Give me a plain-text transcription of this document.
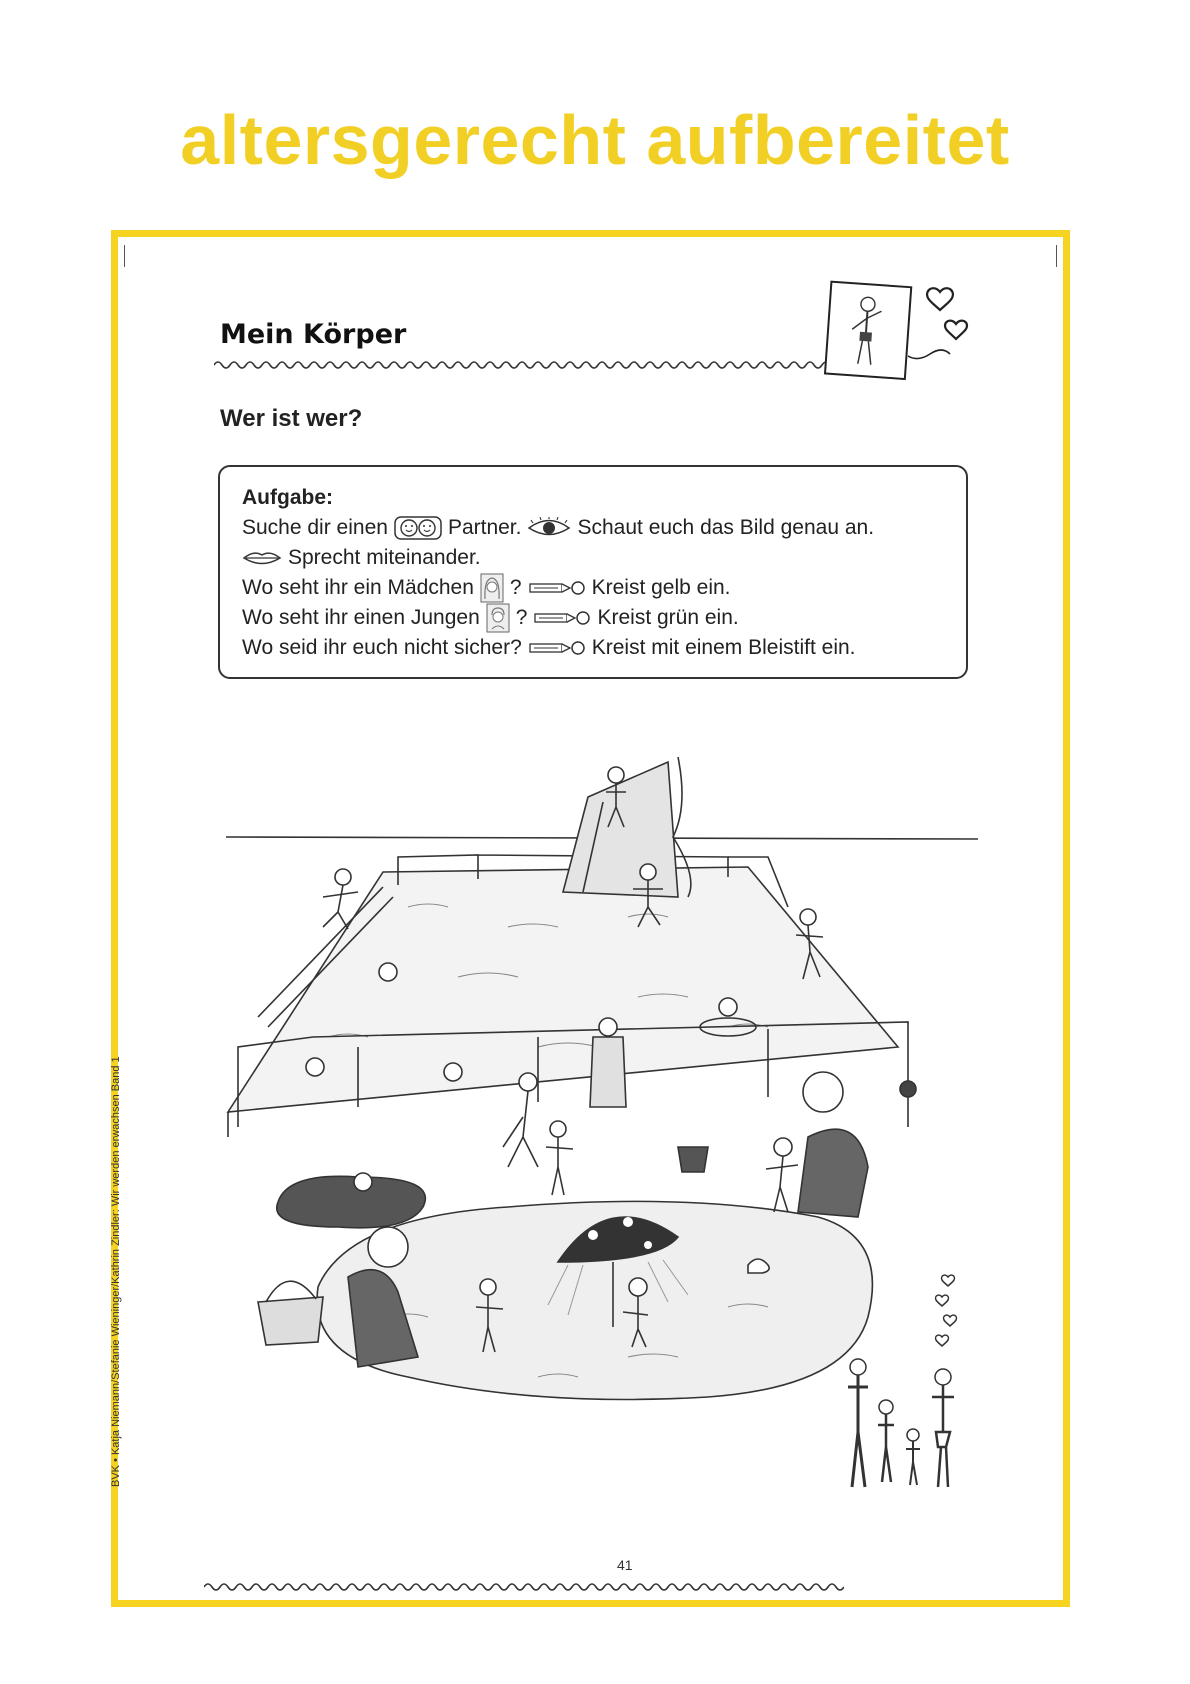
altersgerecht aufbereitet
Mein Körper
Wer ist wer?
Aufgabe:
Suche dir einen	Partner.	Schaut euch das Bild genau an.
Sprecht miteinander.
Wo seht ihr ein Mädchen ?	Kreist gelb ein.
Wo seht ihr einen Jungen ?	Kreist grün ein.
Wo seid ihr euch nicht sicher?	Kreist mit einem Bleistift ein.
BVK • Katja Niemann/Stefanie Wieninger/Kathrin Zindler: Wir werden erwachsen Band 1
41
